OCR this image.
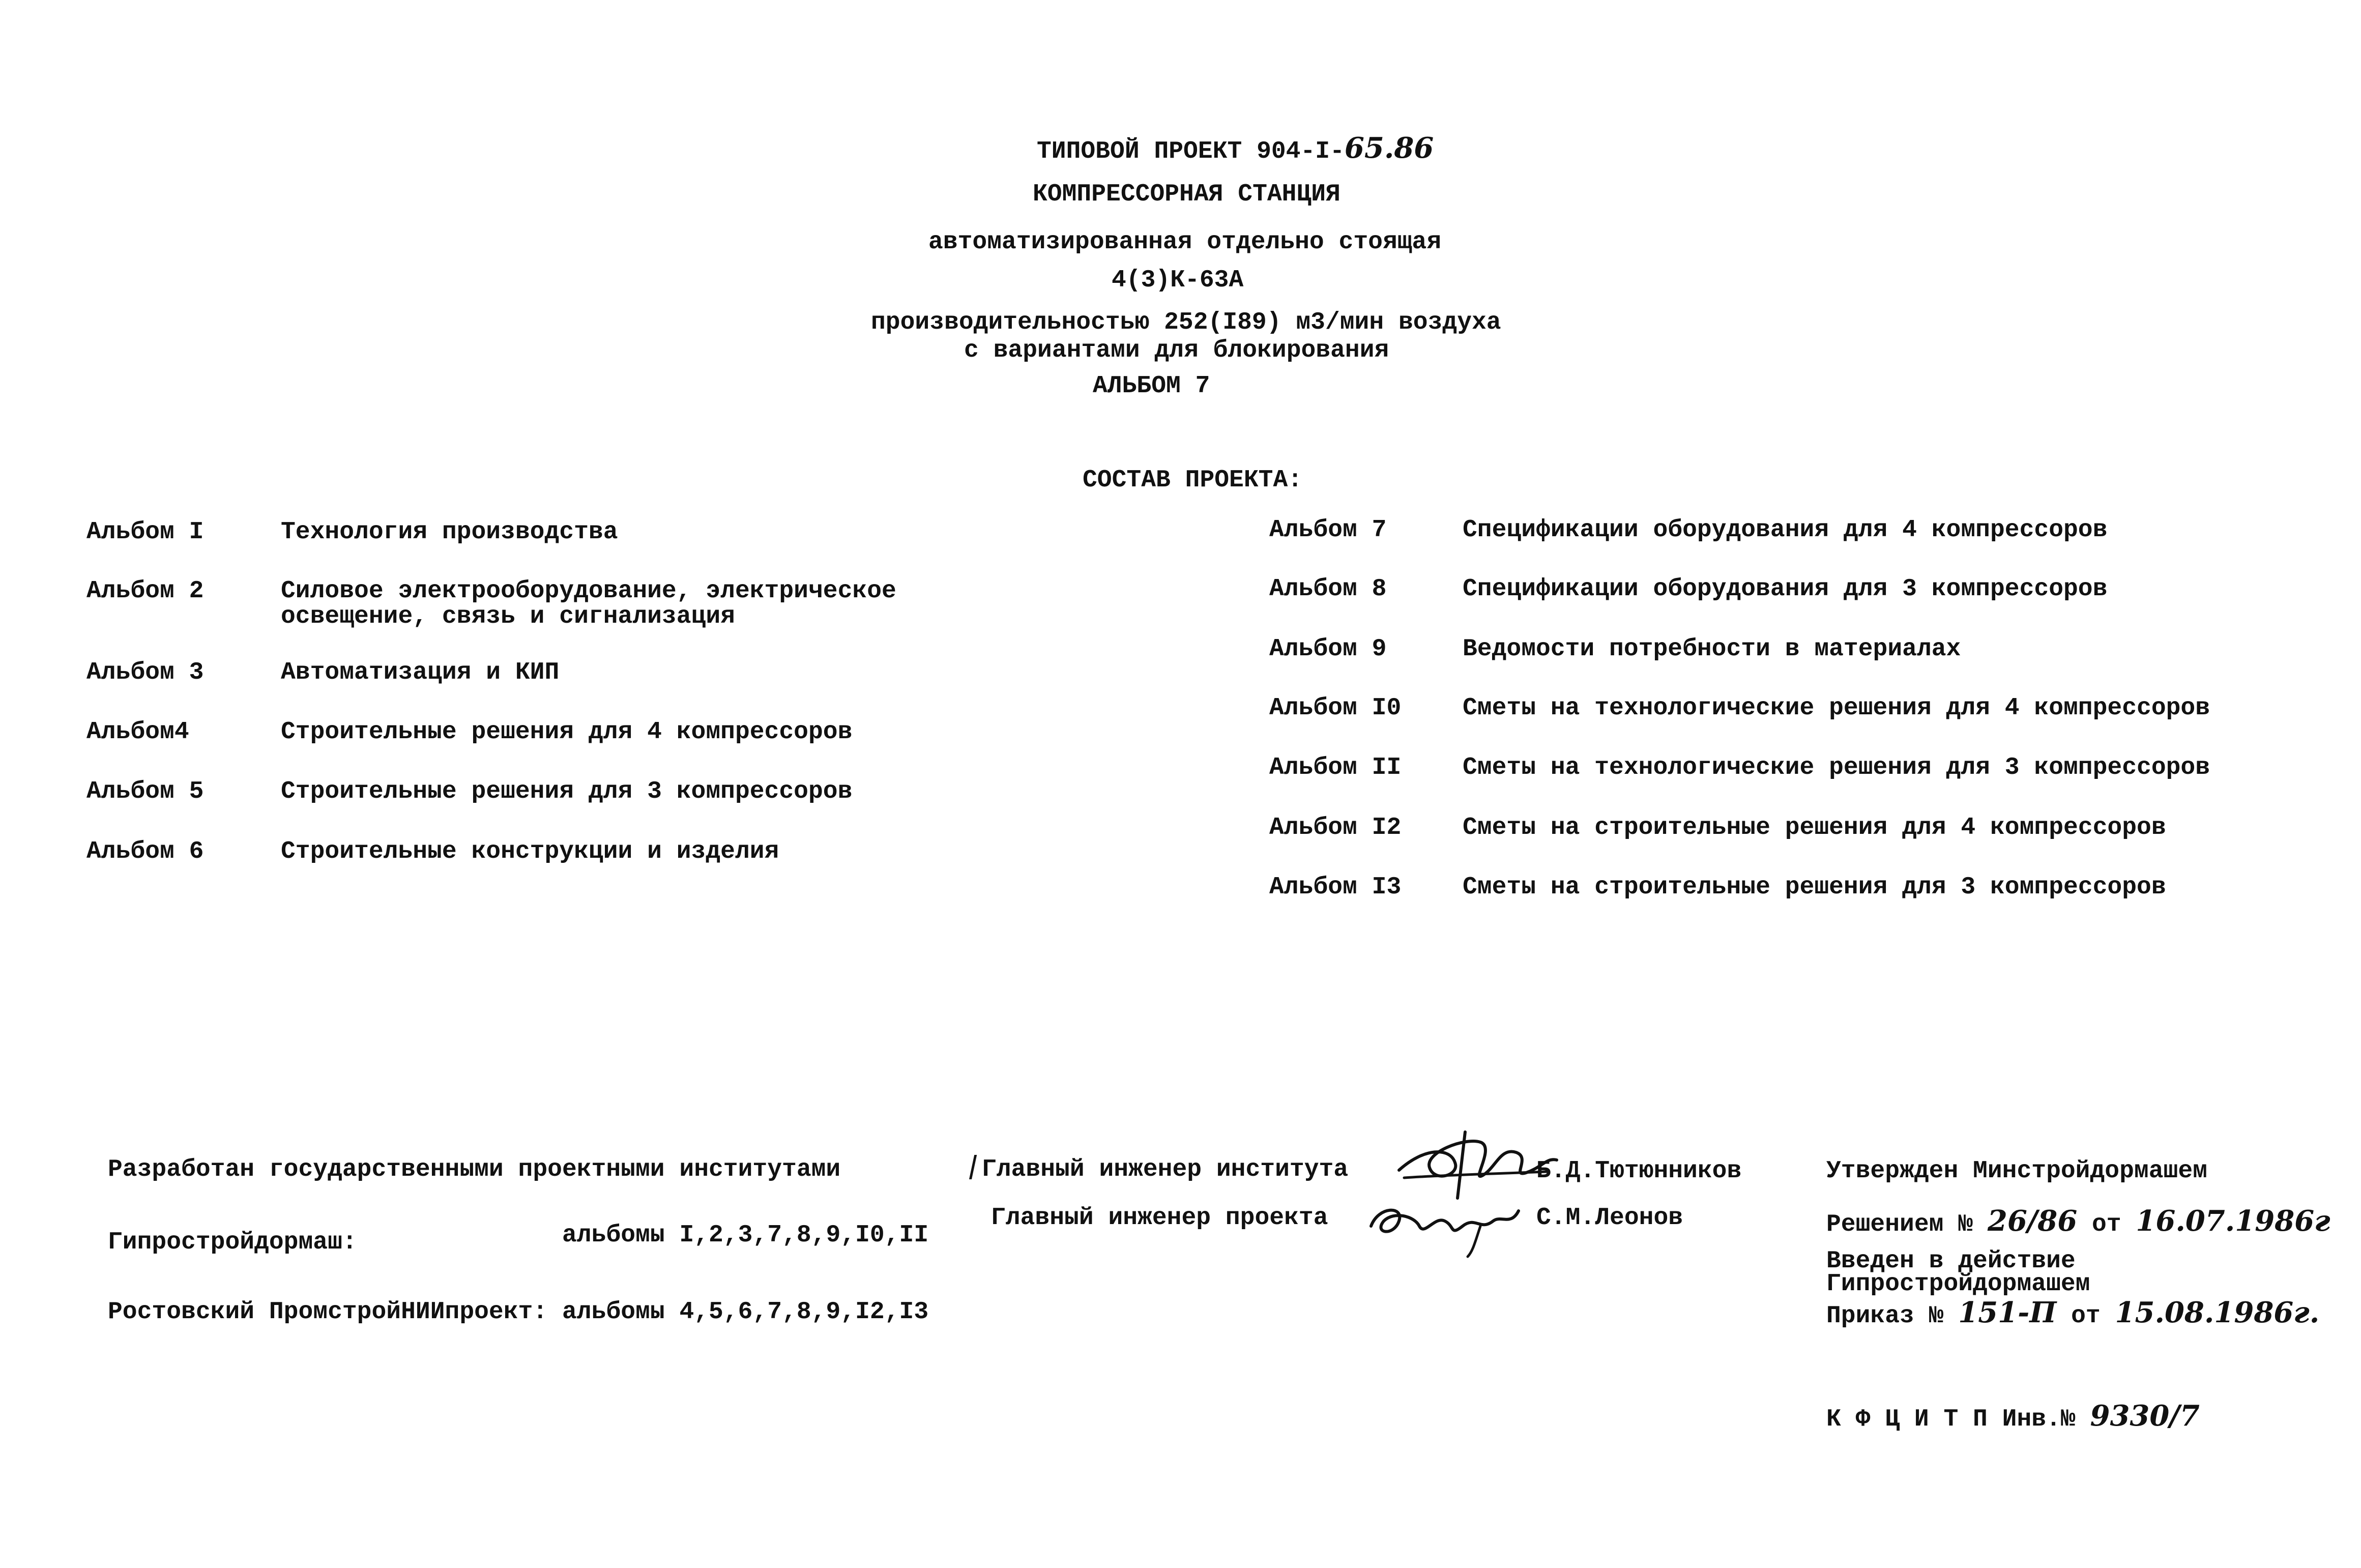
ТИПОВОЙ ПРОЕКТ 904-I-65.86
КОМПРЕССОРНАЯ СТАНЦИЯ
автоматизированная отдельно стоящая
4(3)К-63А
производительностью 252(I89) м3/мин воздуха
с вариантами для блокирования
АЛЬБОМ 7
СОСТАВ ПРОЕКТА:
Альбом I	Технология производства
Альбом 2	Силовое электрооборудование, электрическое
освещение, связь и сигнализация
Альбом 3	Автоматизация и КИП
Альбом4	Строительные решения для 4 компрессоров
Альбом 5	Строительные решения для 3 компрессоров
Альбом 6	Строительные конструкции и изделия
Альбом 7	Спецификации оборудования для 4 компрессоров
Альбом 8	Спецификации оборудования для 3 компрессоров
Альбом 9	Ведомости потребности в материалах
Альбом I0	Сметы на технологические решения для 4 компрессоров
Альбом II	Сметы на технологические решения для 3 компрессоров
Альбом I2	Сметы на строительные решения для 4 компрессоров
Альбом I3	Сметы на строительные решения для 3 компрессоров
Разработан государственными проектными институтами
Гипростройдормаш:	альбомы I,2,3,7,8,9,I0,II
Ростовский ПромстройНИИпроект: альбомы 4,5,6,7,8,9,I2,I3

Главный инженер института	Б.Д.Тютюнников
Главный инженер проекта	С.М.Леонов
Утвержден Минстройдормашем
Решением № 26/86 от 16.07.1986г
Введен в действие
Гипростройдормашем
Приказ № 151-П от 15.08.1986г.
К Ф Ц И Т П Инв.№ 9330/7
